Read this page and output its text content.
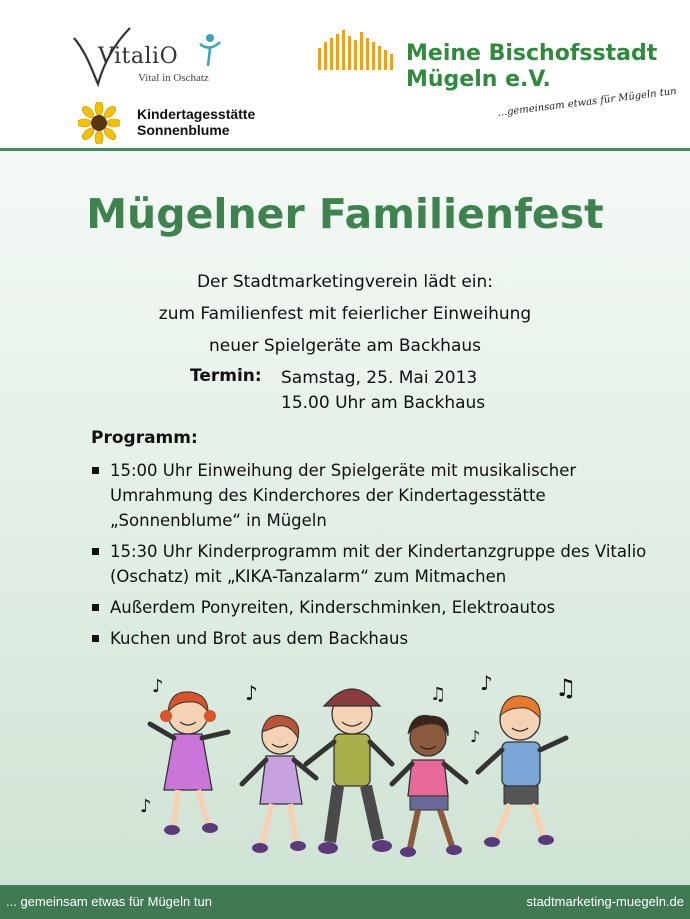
VitaliO
Vital in Oschatz
Kindertagesstätte
Sonnenblume
Meine Bischofsstadt
Mügeln e.V.
...gemeinsam etwas für Mügeln tun
Mügelner Familienfest
Der Stadtmarketingverein lädt ein:
zum Familienfest mit feierlicher Einweihung
neuer Spielgeräte am Backhaus
Termin: Samstag, 25. Mai 2013
15.00 Uhr am Backhaus
Programm:
15:00 Uhr Einweihung der Spielgeräte mit musikalischer Umrahmung des Kinderchores der Kindertagesstätte „Sonnenblume“ in Mügeln
15:30 Uhr Kinderprogramm mit der Kindertanzgruppe des Vitalio (Oschatz) mit „KIKA-Tanzalarm“ zum Mitmachen
Außerdem Ponyreiten, Kinderschminken, Elektroautos
Kuchen und Brot aus dem Backhaus
♪	♪	♫ ♪	♫
♪
♪
... gemeinsam etwas für Mügeln tun	stadtmarketing-muegeln.de
